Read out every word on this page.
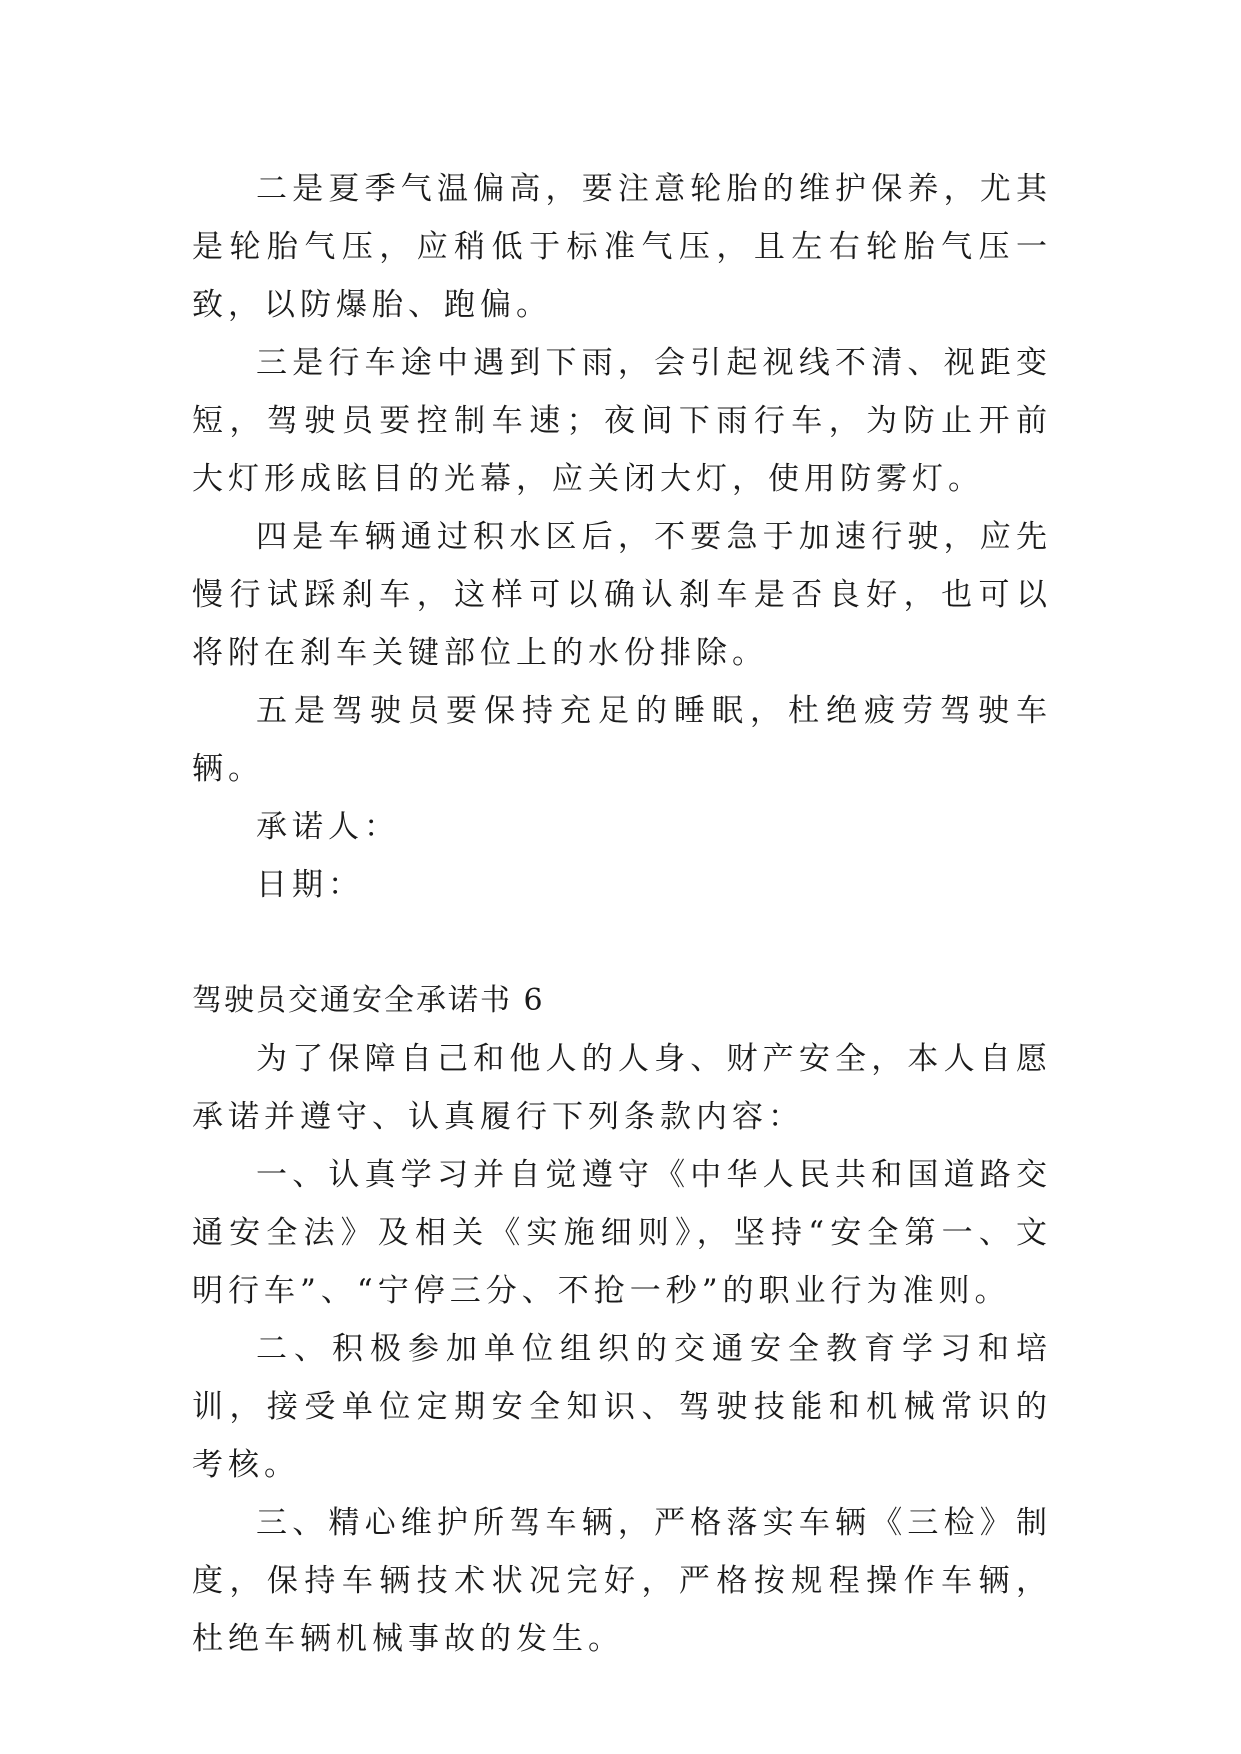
二是夏季气温偏高，要注意轮胎的维护保养，尤其是轮胎气压，应稍低于标准气压，且左右轮胎气压一致，以防爆胎、跑偏。

三是行车途中遇到下雨，会引起视线不清、视距变短，驾驶员要控制车速；夜间下雨行车，为防止开前大灯形成眩目的光幕，应关闭大灯，使用防雾灯。

四是车辆通过积水区后，不要急于加速行驶，应先慢行试踩刹车，这样可以确认刹车是否良好，也可以将附在刹车关键部位上的水份排除。

五是驾驶员要保持充足的睡眠，杜绝疲劳驾驶车辆。

承诺人：

日期：

驾驶员交通安全承诺书 6

为了保障自己和他人的人身、财产安全，本人自愿承诺并遵守、认真履行下列条款内容：

一、认真学习并自觉遵守《中华人民共和国道路交通安全法》及相关《实施细则》，坚持“安全第一、文明行车”、“宁停三分、不抢一秒”的职业行为准则。

二、积极参加单位组织的交通安全教育学习和培训，接受单位定期安全知识、驾驶技能和机械常识的考核。

三、精心维护所驾车辆，严格落实车辆《三检》制度，保持车辆技术状况完好，严格按规程操作车辆，杜绝车辆机械事故的发生。
